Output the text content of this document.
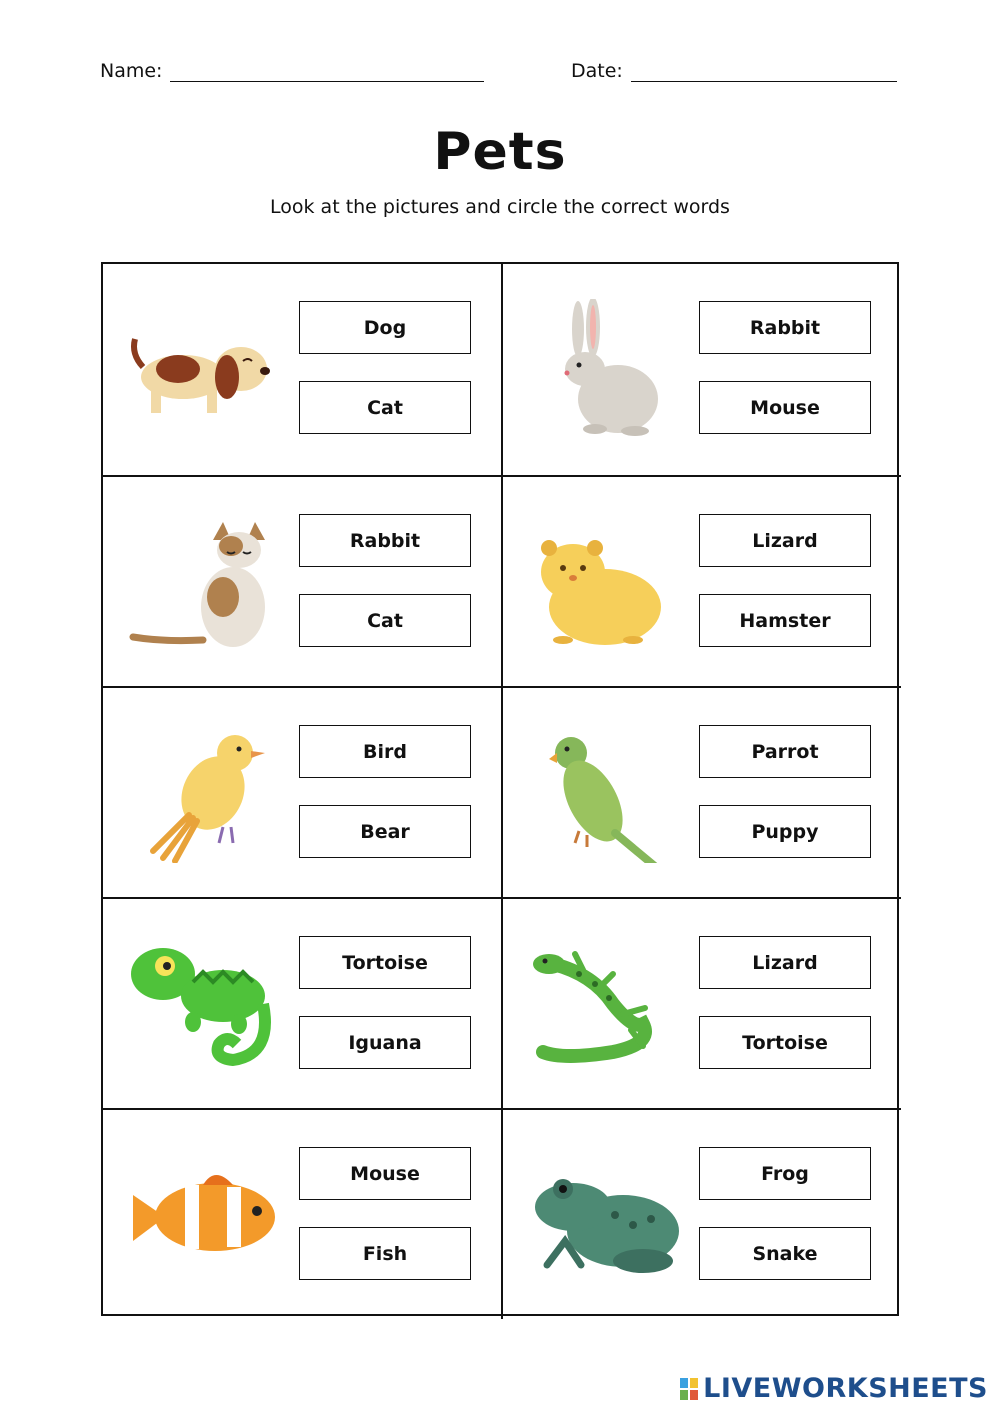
Name:	Date:
Pets
Look at the pictures and circle the correct words
Dog
Cat
Rabbit
Mouse
Rabbit
Cat
Lizard
Hamster
Bird
Bear
Parrot
Puppy
Tortoise
Iguana
Lizard
Tortoise
Mouse
Fish
Frog
Snake
LIVEWORKSHEETS
